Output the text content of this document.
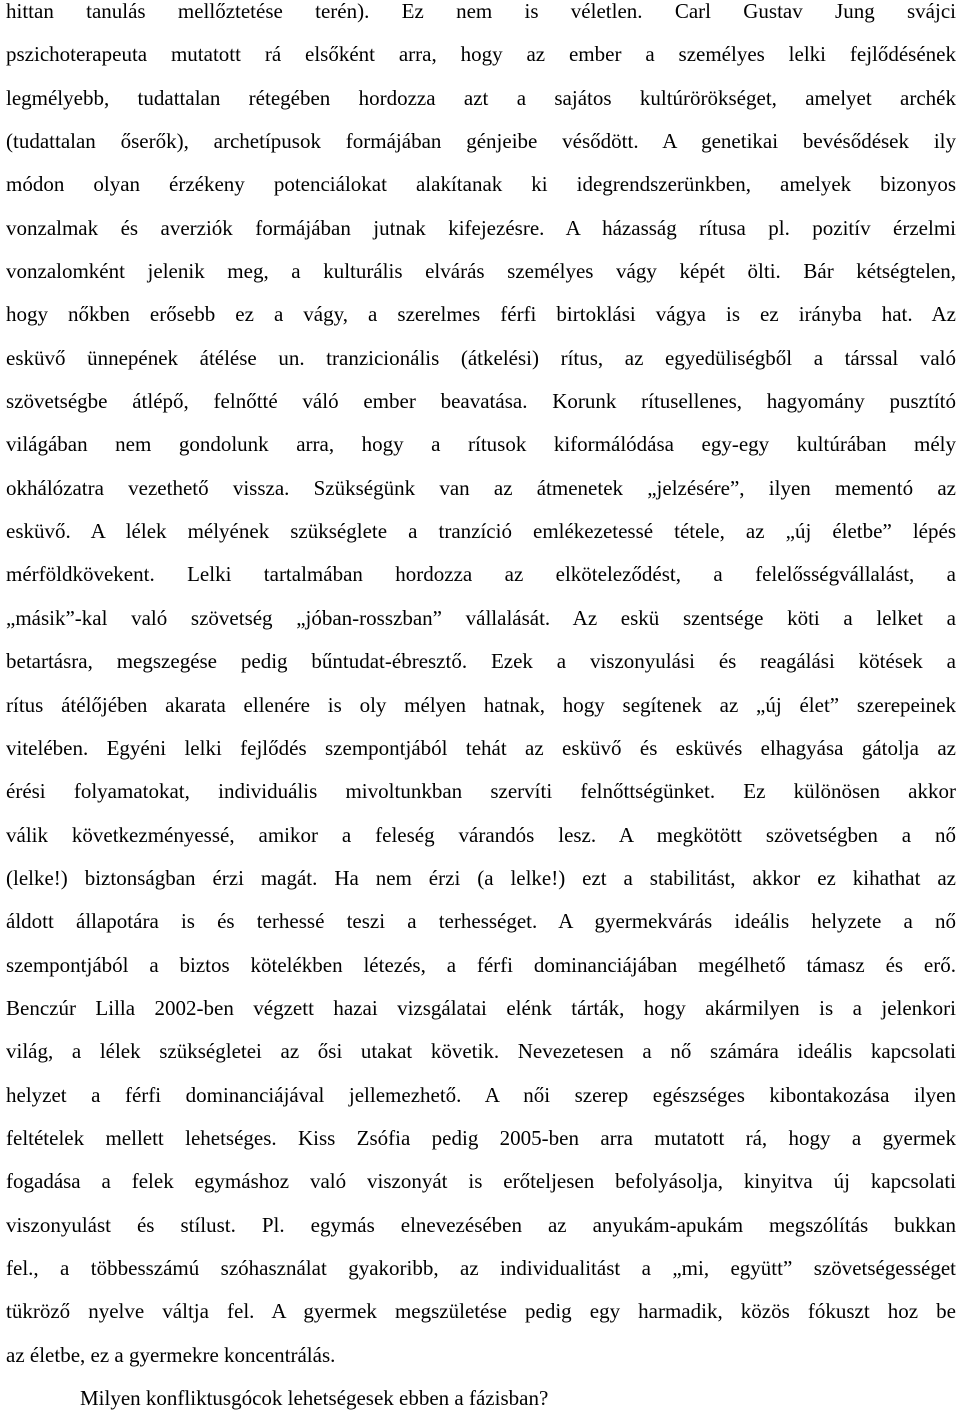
hittan tanulás mellőztetése terén). Ez nem is véletlen. Carl Gustav Jung svájci
pszichoterapeuta mutatott rá elsőként arra, hogy az ember a személyes lelki fejlődésének
legmélyebb, tudattalan rétegében hordozza azt a sajátos kultúrörökséget, amelyet archék
(tudattalan őserők), archetípusok formájában génjeibe vésődött. A genetikai bevésődések ily
módon olyan érzékeny potenciálokat alakítanak ki idegrendszerünkben, amelyek bizonyos
vonzalmak és averziók formájában jutnak kifejezésre. A házasság rítusa pl. pozitív érzelmi
vonzalomként jelenik meg, a kulturális elvárás személyes vágy képét ölti. Bár kétségtelen,
hogy nőkben erősebb ez a vágy, a szerelmes férfi birtoklási vágya is ez irányba hat. Az
esküvő ünnepének átélése un. tranzicionális (átkelési) rítus, az egyedüliségből a társsal való
szövetségbe átlépő, felnőtté váló ember beavatása. Korunk rítusellenes, hagyomány pusztító
világában nem gondolunk arra, hogy a rítusok kiformálódása egy-egy kultúrában mély
okhálózatra vezethető vissza. Szükségünk van az átmenetek „jelzésére”, ilyen mementó az
esküvő. A lélek mélyének szükséglete a tranzíció emlékezetessé tétele, az „új életbe” lépés
mérföldkövekent. Lelki tartalmában hordozza az elköteleződést, a felelősségvállalást, a
„másik”-kal való szövetség „jóban-rosszban” vállalását. Az eskü szentsége köti a lelket a
betartásra, megszegése pedig bűntudat-ébresztő. Ezek a viszonyulási és reagálási kötések a
rítus átélőjében akarata ellenére is oly mélyen hatnak, hogy segítenek az „új élet” szerepeinek
vitelében. Egyéni lelki fejlődés szempontjából tehát az esküvő és esküvés elhagyása gátolja az
érési folyamatokat, individuális mivoltunkban szervíti felnőttségünket. Ez különösen akkor
válik következményessé, amikor a feleség várandós lesz. A megkötött szövetségben a nő
(lelke!) biztonságban érzi magát. Ha nem érzi (a lelke!) ezt a stabilitást, akkor ez kihathat az
áldott állapotára is és terhessé teszi a terhességet. A gyermekvárás ideális helyzete a nő
szempontjából a biztos kötelékben létezés, a férfi dominanciájában megélhető támasz és erő.
Benczúr Lilla 2002-ben végzett hazai vizsgálatai elénk tárták, hogy akármilyen is a jelenkori
világ, a lélek szükségletei az ősi utakat követik. Nevezetesen a nő számára ideális kapcsolati
helyzet a férfi dominanciájával jellemezhető. A női szerep egészséges kibontakozása ilyen
feltételek mellett lehetséges. Kiss Zsófia pedig 2005-ben arra mutatott rá, hogy a gyermek
fogadása a felek egymáshoz való viszonyát is erőteljesen befolyásolja, kinyitva új kapcsolati
viszonyulást és stílust. Pl. egymás elnevezésében az anyukám-apukám megszólítás bukkan
fel., a többesszámú szóhasználat gyakoribb, az individualitást a „mi, együtt” szövetségességet
tükröző nyelve váltja fel. A gyermek megszületése pedig egy harmadik, közös fókuszt hoz be
az életbe, ez a gyermekre koncentrálás.
Milyen konfliktusgócok lehetségesek ebben a fázisban?
